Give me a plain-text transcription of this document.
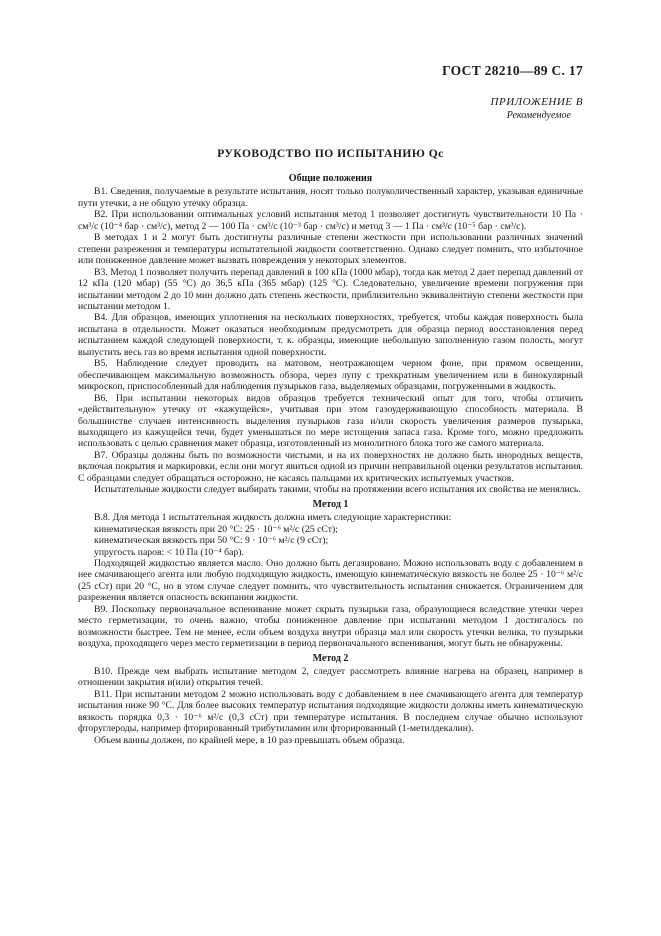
ГОСТ 28210—89 С. 17
ПРИЛОЖЕНИЕ В
Рекомендуемое
РУКОВОДСТВО ПО ИСПЫТАНИЮ Qc
Общие положения

В1. Сведения, получаемые в результате испытания, носят только полуколичественный характер, указывая единичные пути утечки, а не общую утечку образца.

В2. При использовании оптимальных условий испытания метод 1 позволяет достигнуть чувствительности 10 Па · см³/с (10⁻⁴ бар · см³/с), метод 2 — 100 Па · см³/с (10⁻³ бар · см³/с) и метод 3 — 1 Па · см³/с (10⁻⁵ бар · см³/с).

В методах 1 и 2 могут быть достигнуты различные степени жесткости при использовании различных значений степени разрежения и температуры испытательной жидкости соответственно. Однако следует помнить, что избыточное или пониженное давление может вызвать повреждения у некоторых элементов.

В3. Метод 1 позволяет получить перепад давлений в 100 кПа (1000 мбар), тогда как метод 2 дает перепад давлений от 12 кПа (120 мбар) (55 °С) до 36,5 кПа (365 мбар) (125 °С). Следовательно, увеличение времени погружения при испытании методом 2 до 10 мин должно дать степень жесткости, приблизительно эквивалентную степени жесткости при испытании методом 1.

В4. Для образцов, имеющих уплотнения на нескольких поверхностях, требуется, чтобы каждая поверхность была испытана в отдельности. Может оказаться необходимым предусмотреть для образца период восстановления перед испытанием каждой следующей поверхности, т. к. образцы, имеющие небольшую заполненную газом полость, могут выпустить весь газ во время испытания одной поверхности.

В5. Наблюдение следует проводить на матовом, неотражающем черном фоне, при прямом освещении, обеспечивающем максимальную возможность обзора, через лупу с трехкратным увеличением или в бинокулярный микроскоп, приспособленный для наблюдения пузырьков газа, выделяемых образцами, погруженными в жидкость.

В6. При испытании некоторых видов образцов требуется технический опыт для того, чтобы отличить «действительную» утечку от «кажущейся», учитывая при этом газоудерживающую способность материала. В большинстве случаев интенсивность выделения пузырьков газа и/или скорость увеличения размеров пузырька, выходящего из кажущейся течи, будет уменьшаться по мере истощения запаса газа. Кроме того, можно предложить использовать с целью сравнения макет образца, изготовленный из монолитного блока того же самого материала.

В7. Образцы должны быть по возможности чистыми, и на их поверхностях не должно быть инородных веществ, включая покрытия и маркировки, если они могут явиться одной из причин неправильной оценки результатов испытания. С образцами следует обращаться осторожно, не касаясь пальцами их критических испытуемых участков.

Испытательные жидкости следует выбирать такими, чтобы на протяжении всего испытания их свойства не менялись.

Метод 1

В.8. Для метода 1 испытательная жидкость должна иметь следующие характеристики:

кинематическая вязкость при 20 °С: 25 · 10⁻⁶ м²/с (25 сСт);

кинематическая вязкость при 50 °С: 9 · 10⁻⁶ м²/с (9 сСт);

упругость паров: < 10 Па (10⁻⁴ бар).

Подходящей жидкостью является масло. Оно должно быть дегазировано. Можно использовать воду с добавлением в нее смачивающего агента или любую подходящую жидкость, имеющую кинематическую вязкость не более 25 · 10⁻⁶ м²/с (25 сСт) при 20 °С, но в этом случае следует помнить, что чувствительность испытания снижается. Ограничением для разрежения является опасность вскипания жидкости.

В9. Поскольку первоначальное вспенивание может скрыть пузырьки газа, образующиеся вследствие утечки через место герметизации, то очень важно, чтобы пониженное давление при испытании методом 1 достигалось по возможности быстрее. Тем не менее, если объем воздуха внутри образца мал или скорость утечки велика, то пузырьки воздуха, проходящего через место герметизации в период первоначального вспенивания, могут быть не обнаружены.

Метод 2

В10. Прежде чем выбрать испытание методом 2, следует рассмотреть влияние нагрева на образец, например в отношении закрытия и(или) открытия течей.

В11. При испытании методом 2 можно использовать воду с добавлением в нее смачивающего агента для температур испытания ниже 90 °С. Для более высоких температур испытания подходящие жидкости должны иметь кинематическую вязкость порядка 0,3 · 10⁻⁶ м²/с (0,3 сСт) при температуре испытания. В последнем случае обычно используют фторуглероды, например фторированный трибутиламин или фторированный (1-метилдекалин).

Объем ванны должен, по крайней мере, в 10 раз превышать объем образца.
